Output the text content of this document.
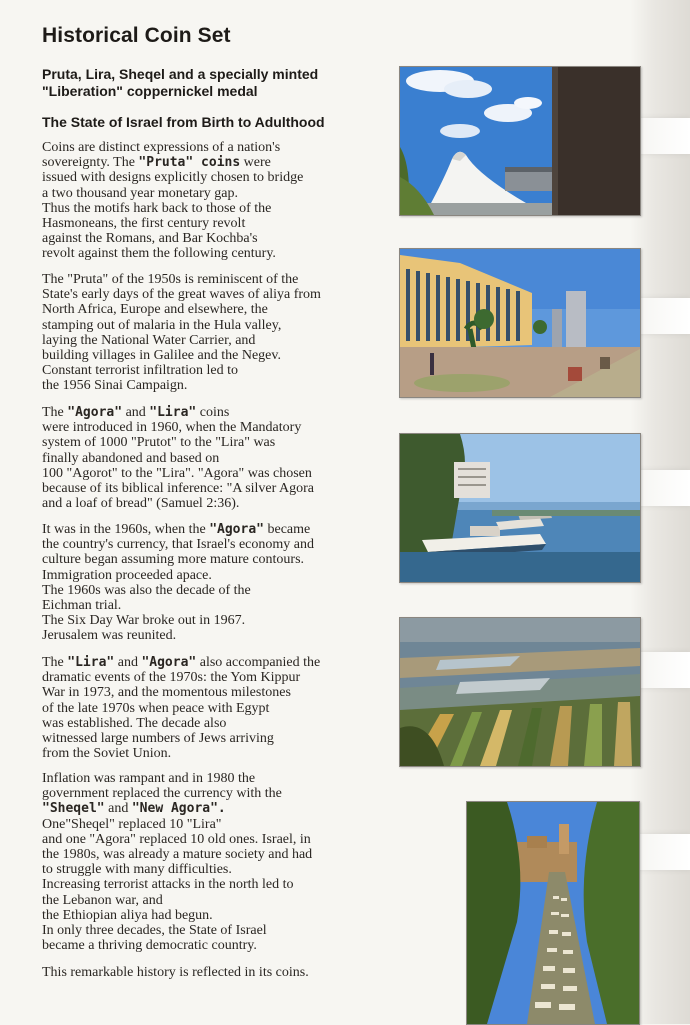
Historical Coin Set
Pruta, Lira, Sheqel and a specially minted
"Liberation" coppernickel medal
The State of Israel from Birth to Adulthood
Coins are distinct expressions of a nation's
sovereignty. The "Pruta" coins were
issued with designs explicitly chosen to bridge
a two thousand year monetary gap.
Thus the motifs hark back to those of the
Hasmoneans, the first century revolt
against the Romans, and Bar Kochba's
revolt against them the following century.
The "Pruta" of the 1950s is reminiscent of the
State's early days of the great waves of aliya from
North Africa, Europe and elsewhere, the
stamping out of malaria in the Hula valley,
laying the National Water Carrier, and
building villages in Galilee and the Negev.
Constant terrorist infiltration led to
the 1956 Sinai Campaign.
The "Agora" and "Lira" coins
were introduced in 1960, when the Mandatory
system of 1000 "Prutot" to the "Lira" was
finally abandoned and based on
100 "Agorot" to the "Lira". "Agora" was chosen
because of its biblical inference: "A silver Agora
and a loaf of bread" (Samuel 2:36).
It was in the 1960s, when the "Agora" became
the country's currency, that Israel's economy and
culture began assuming more mature contours.
Immigration proceeded apace.
The 1960s was also the decade of the
Eichman trial.
The Six Day War broke out in 1967.
Jerusalem was reunited.
The "Lira" and "Agora" also accompanied the
dramatic events of the 1970s: the Yom Kippur
War in 1973, and the momentous milestones
of the late 1970s when peace with Egypt
was established. The decade also
witnessed large numbers of Jews arriving
from the Soviet Union.
Inflation was rampant and in 1980 the
government replaced the currency with the
"Sheqel" and "New Agora".
One"Sheqel" replaced 10 "Lira"
and one "Agora" replaced 10 old ones. Israel, in
the 1980s, was already a mature society and had
to struggle with many difficulties.
Increasing terrorist attacks in the north led to
the Lebanon war, and
the Ethiopian aliya had begun.
In only three decades, the State of Israel
became a thriving democratic country.
This remarkable history is reflected in its coins.
